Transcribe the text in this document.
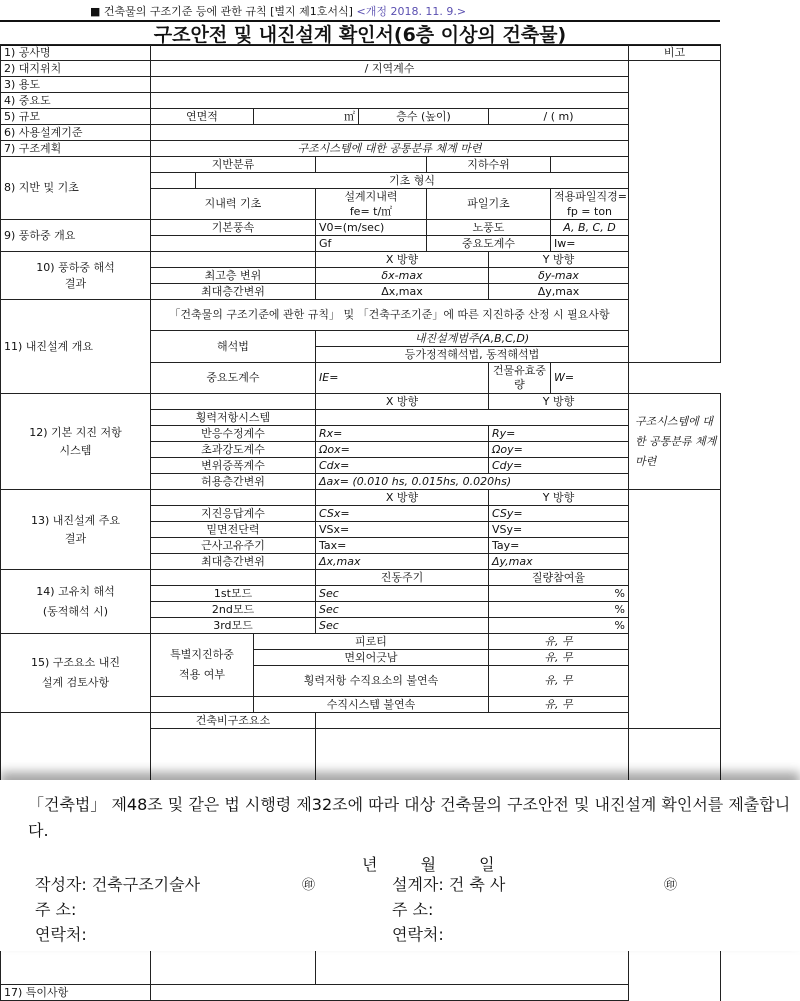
■ 건축물의 구조기준 등에 관한 규칙 [별지 제1호서식] <개정 2018. 11. 9.>
구조안전 및 내진설계 확인서(6층 이상의 건축물)
1) 공사명									비고	
2) 대지위치	/ 지역계수									
3) 용도										
4) 중요도										
5) 규모	연면적		㎡		층수 (높이)		/ ( m)			
6) 사용설계기준										
7) 구조계획	구조시스템에 대한 공통분류 체계 마련									
8) 지반 및 기초	지반분류					지하수위				
		기초 형식								
	지내력 기초			설계지내력		파일기초		적용파일직경=		
				fe= t/㎡				fp = ton		
9) 풍하중 개요	기본풍속			V0=(m/sec)		노풍도		A, B, C, D		
				Gf		중요도계수		Iw=		
10) 풍하중 해석
결과				X 방향			Y 방향			
	최고층 변위			δx-max			δy-max			
	최대층간변위			Δx,max			Δy,max			
11) 내진설계 개요	「건축물의 구조기준에 관한 규칙」 및 「건축구조기준」에 따른 지진하중 산정 시 필요사항									
	해석법			내진설계범주(A,B,C,D)						
				등가정적해석법, 동적해석법						
	중요도계수			IE=			건물유효중량	W=		

12) 기본 지진 저항
시스템				X 방향			Y 방향		구조시스템에 대한 공통분류 체계 마련	
	횡력저항시스템									
	반응수정계수			Rx=			Ry=			
	초과강도계수			Ωox=			Ωoy=			
	변위증폭계수			Cdx=			Cdy=			
	허용층간변위			Δax= (0.010 hs, 0.015hs, 0.020hs)						
13) 내진설계 주요
결과				X 방향			Y 방향			
	지진응답계수			CSx=			CSy=			
	밑면전단력			VSx=			VSy=			
	근사고유주기			Tax=			Tay=			
	최대층간변위			Δx,max			Δy,max			
14) 고유치 해석
(동적해석 시)				진동주기			질량참여율			
	1st모드			Sec			%			
	2nd모드			Sec			%			
	3rd모드			Sec			%			
15) 구조요소 내진
설계 검토사항	특별지진하중
적용 여부		피로티				유, 무			
			면외어긋남				유, 무			
			횡력저항 수직요소의 불연속				유, 무			

			수직시스템 불연속				유, 무			
	건축비구조요소		

17) 특이사항										
「건축법」 제48조 및 같은 법 시행령 제32조에 따라 대상 건축물의 구조안전 및 내진설계 확인서를 제출합니다.
년	월	일
작성자: 건축구조기술사	㊞	설계자: 건 축 사	㊞
주 소:	주 소:
연락처:	연락처:
